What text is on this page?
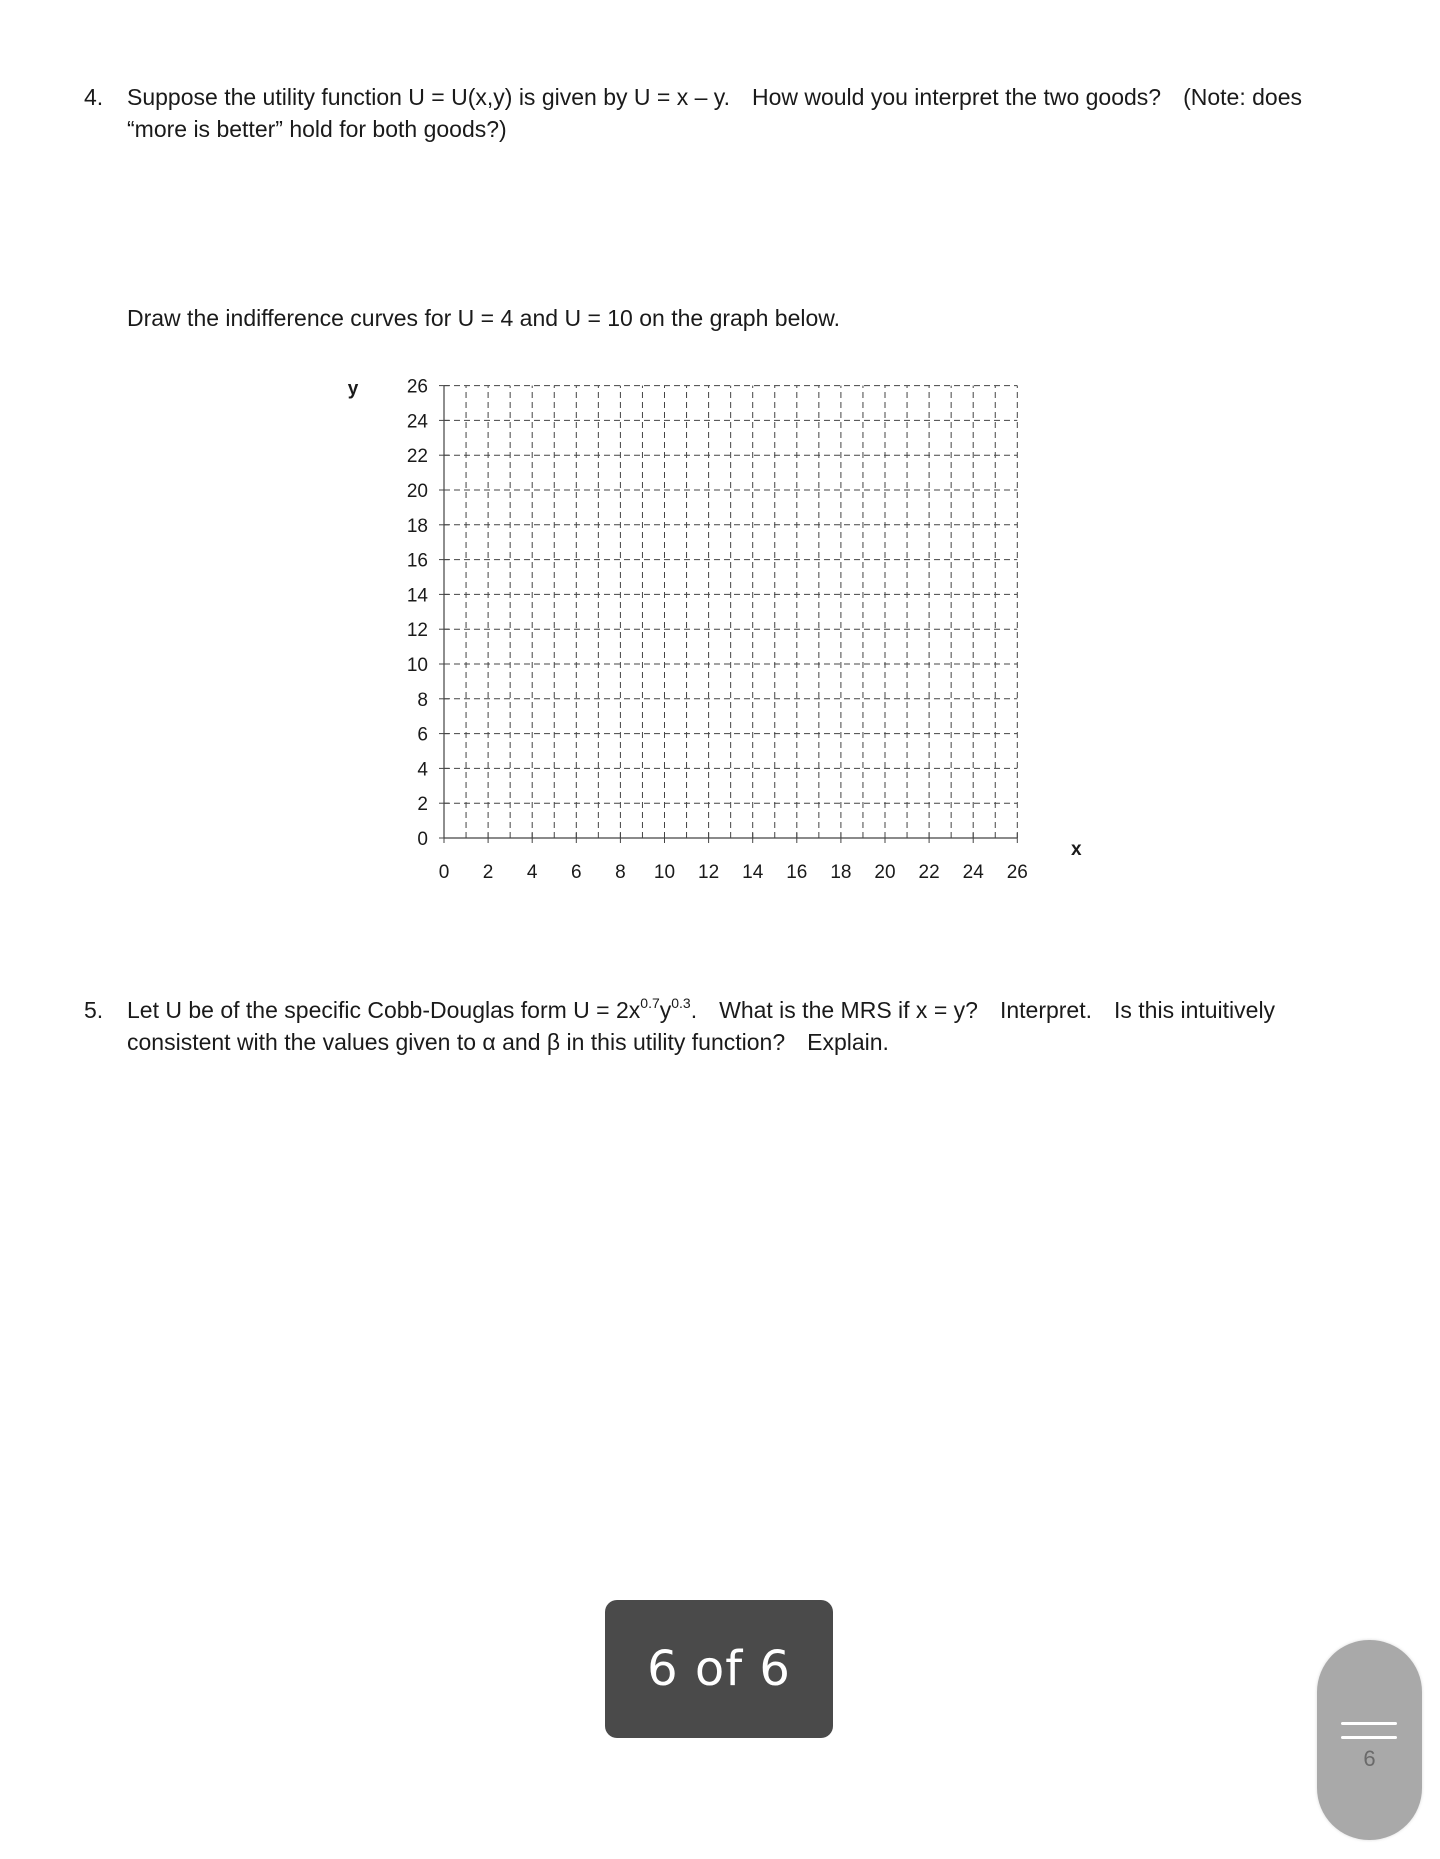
4. Suppose the utility function U = U(x,y) is given by U = x – y. How would you interpret the two goods? (Note: does
“more is better” hold for both goods?)
Draw the indifference curves for U = 4 and U = 10 on the graph below.
0 2 4 6 8 10 12 14 16 18 20 22 24 26
26
24
22
20
18
16
14
12
10
8
6
4
2
0
y
x
5. Let U be of the specific Cobb-Douglas form $U = 2x^{0.7}y^{0.3}$. What is the MRS if x = y? Interpret. Is this intuitively
consistent with the values given to α and β in this utility function? Explain.
6 of 6
6
